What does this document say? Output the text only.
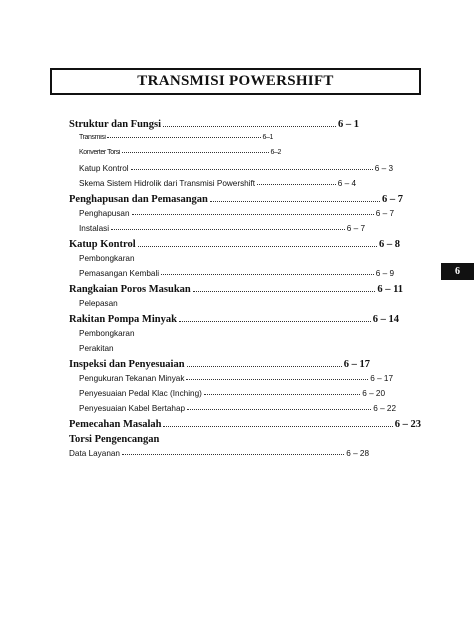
TRANSMISI POWERSHIFT
Struktur dan Fungsi	6 – 1
Transmisi	6–1
Konverter Torsi	6–2
Katup Kontrol	6 – 3
Skema Sistem Hidrolik dari Transmisi Powershift	6 – 4
Penghapusan dan Pemasangan	6 – 7
Penghapusan	6 – 7
Instalasi	6 – 7
Katup Kontrol	6 – 8
Pembongkaran
Pemasangan Kembali	6 – 9
Rangkaian Poros Masukan	6 – 11
Pelepasan
Rakitan Pompa Minyak	6 – 14
Pembongkaran
Perakitan
Inspeksi dan Penyesuaian	6 – 17
Pengukuran Tekanan Minyak	6 – 17
Penyesuaian Pedal Klac (Inching)	6 – 20
Penyesuaian Kabel Bertahap	6 – 22
Pemecahan Masalah	6 – 23
Torsi Pengencangan
Data Layanan	6 – 28
6
